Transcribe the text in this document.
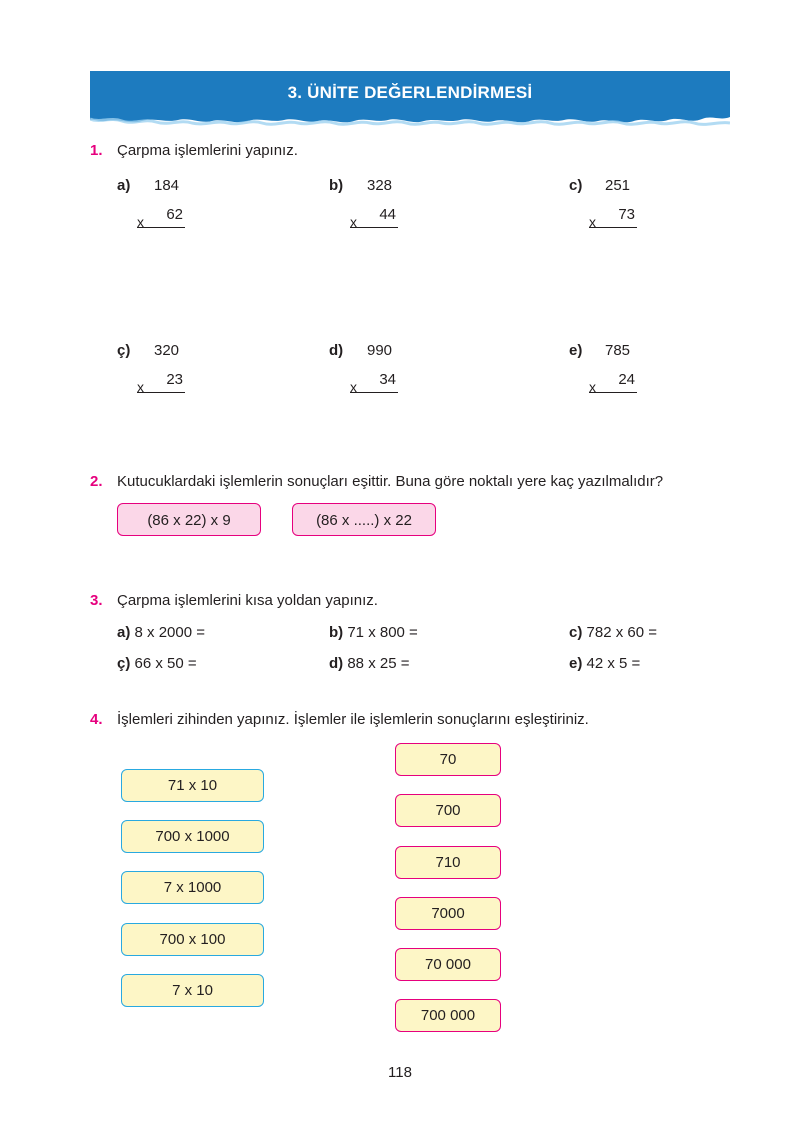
3. ÜNİTE DEĞERLENDİRMESİ
1. Çarpma işlemlerini yapınız.
a) 184
x 62
b) 328
x 44
c) 251
x 73
ç) 320
x 23
d) 990
x 34
e) 785
x 24
2. Kutucuklardaki işlemlerin sonuçları eşittir. Buna göre noktalı yere kaç yazılmalıdır?
(86 x 22) x 9	(86 x .....) x 22
3. Çarpma işlemlerini kısa yoldan yapınız.
a) 8 x 2000 =	b) 71 x 800 =	c) 782 x 60 =
ç) 66 x 50 =	d) 88 x 25 =	e) 42 x 5 =
4. İşlemleri zihinden yapınız. İşlemler ile işlemlerin sonuçlarını eşleştiriniz.
71 x 10
700 x 1000
7 x 1000
700 x 100
7 x 10
70
700
710
7000
70 000
700 000
118
